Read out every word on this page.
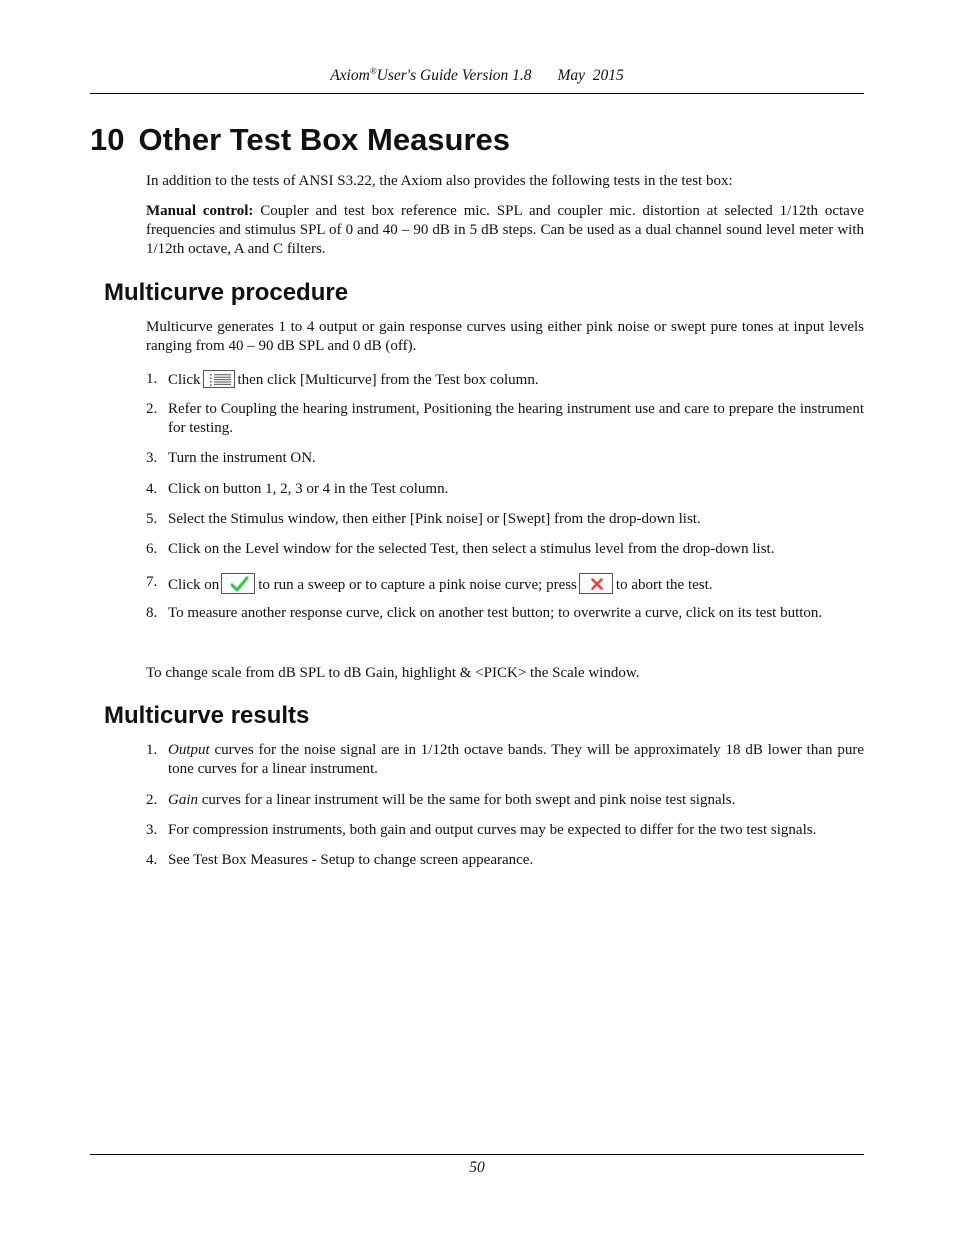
Axiom®User's Guide Version 1.8 May  2015
10 Other Test Box Measures

In addition to the tests of ANSI S3.22, the Axiom also provides the following tests in the test box:

Manual control: Coupler and test box reference mic. SPL and coupler mic. distortion at selected 1/12th octave frequencies and stimulus SPL of 0 and 40 – 90 dB in 5 dB steps. Can be used as a dual channel sound level meter with 1/12th octave, A and C filters.

Multicurve procedure

Multicurve generates 1 to 4 output or gain response curves using either pink noise or swept pure tones at input levels ranging from 40 – 90 dB SPL and 0 dB (off).

1. Click then click [Multicurve] from the Test box column.
2. Refer to Coupling the hearing instrument, Positioning the hearing instrument use and care to prepare the instrument for testing.
3. Turn the instrument ON.
4. Click on button 1, 2, 3 or 4 in the Test column.
5. Select the Stimulus window, then either [Pink noise] or [Swept] from the drop-down list.
6. Click on the Level window for the selected Test, then select a stimulus level from the drop-down list.
7. Click on	to run a sweep or to capture a pink noise curve; press	to abort the test.
8. To measure another response curve, click on another test button; to overwrite a curve, click on its test button.

To change scale from dB SPL to dB Gain, highlight & <PICK> the Scale window.

Multicurve results
1. Output curves for the noise signal are in 1/12th octave bands. They will be approximately 18 dB lower than pure tone curves for a linear instrument.
2. Gain curves for a linear instrument will be the same for both swept and pink noise test signals.
3. For compression instruments, both gain and output curves may be expected to differ for the two test signals.
4. See Test Box Measures - Setup to change screen appearance.
50
